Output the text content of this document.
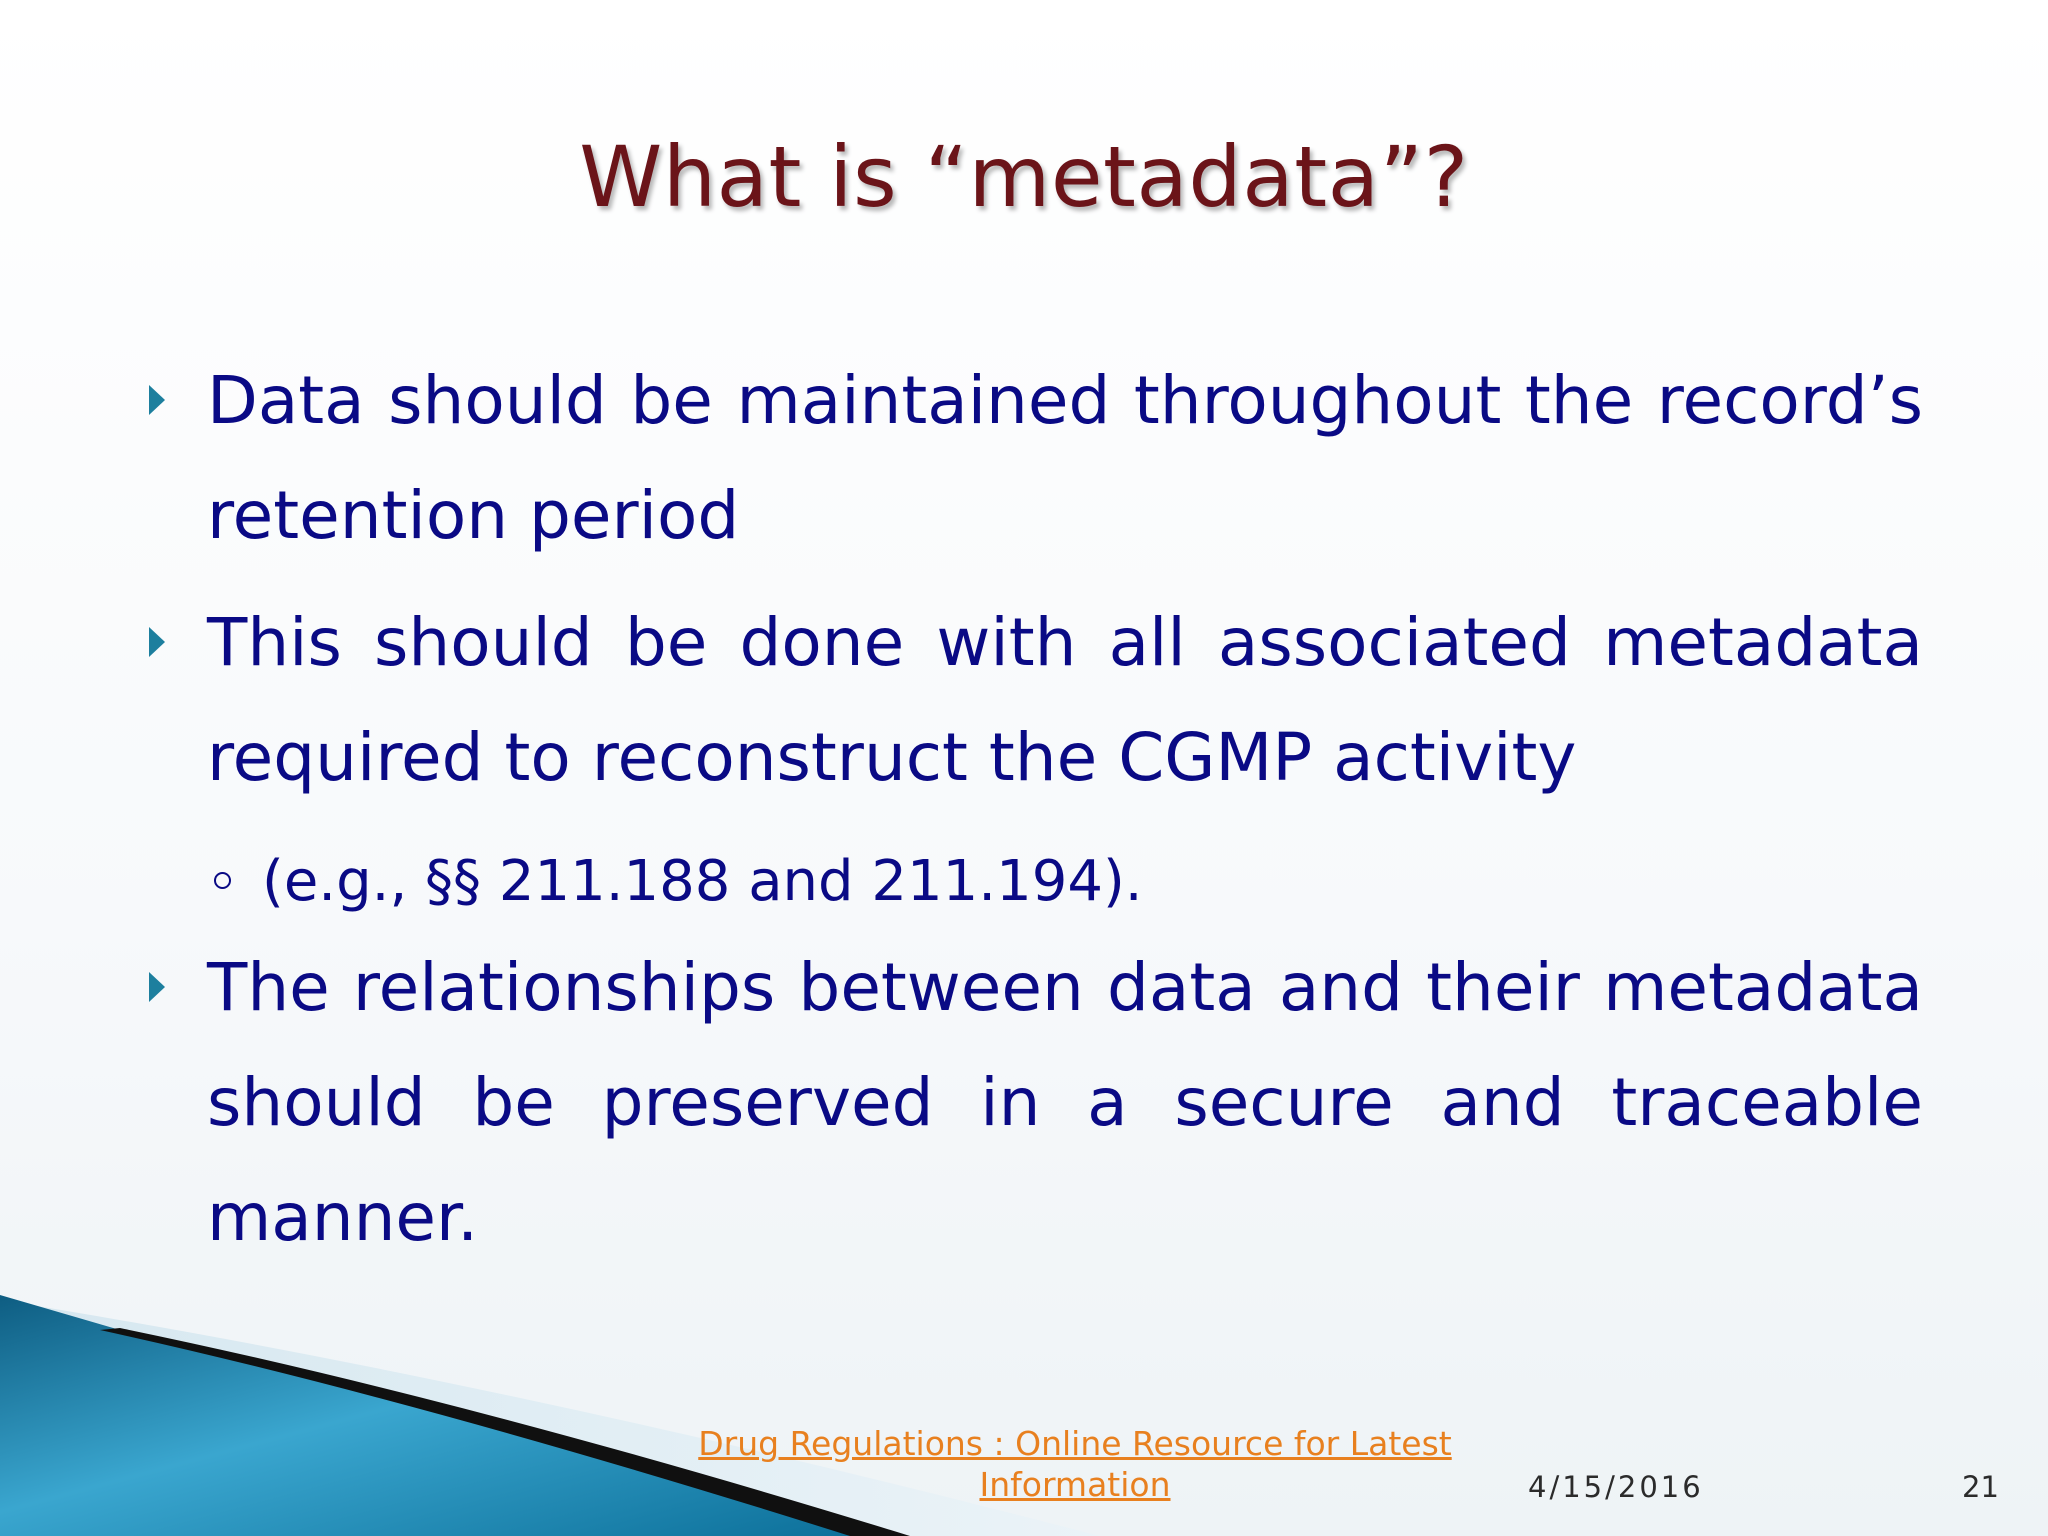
What is “metadata”?
Data should be maintained throughout the record’s retention period
This should be done with all associated metadata required to reconstruct the CGMP activity
(e.g., §§ 211.188 and 211.194).
The relationships between data and their metadata should be preserved in a secure and traceable manner.
Drug Regulations : Online Resource for Latest Information	4/15/2016	21
